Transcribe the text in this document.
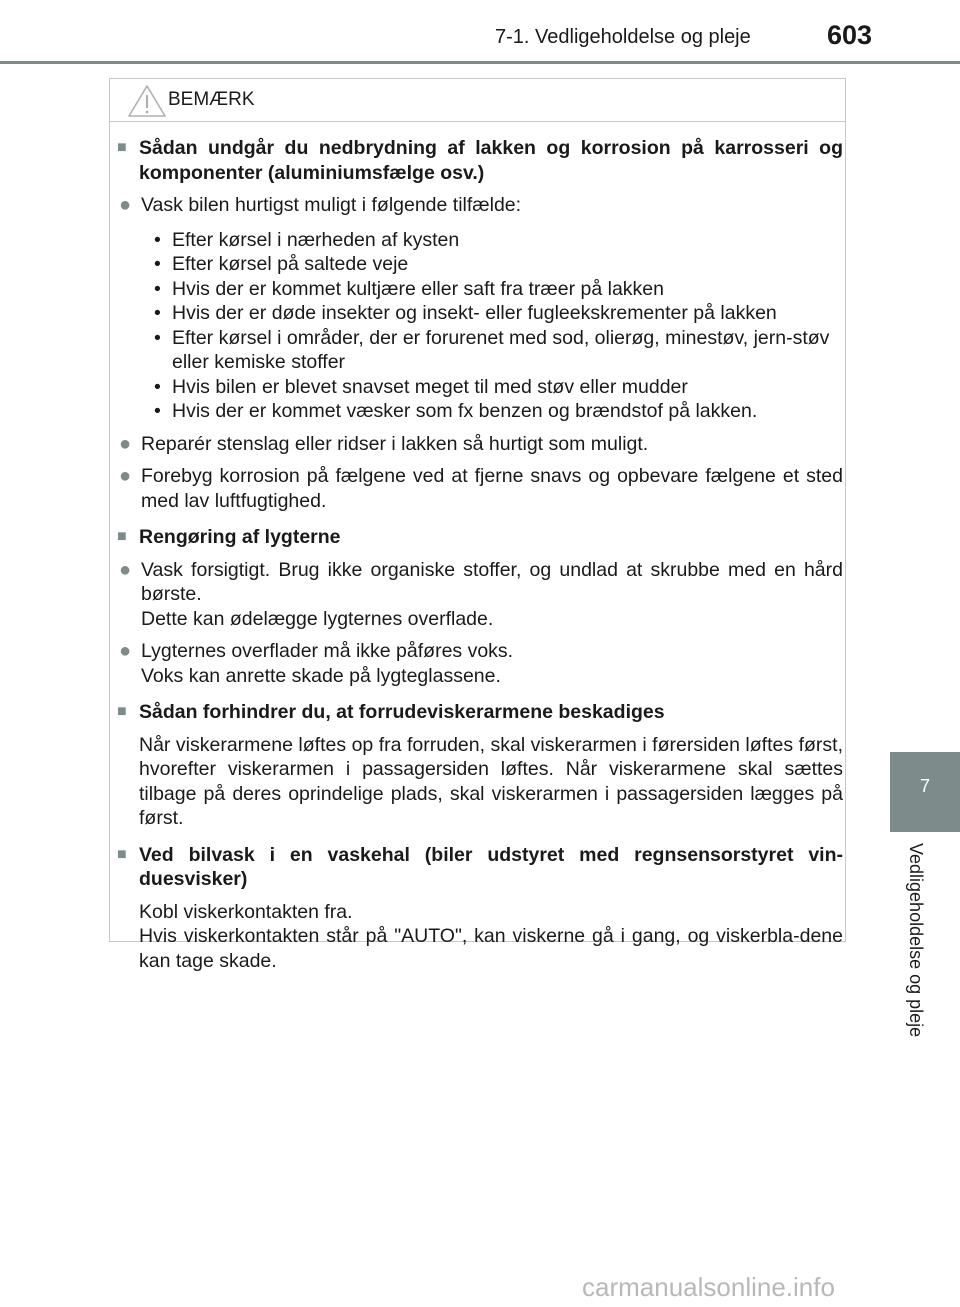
7-1. Vedligeholdelse og pleje	603
7
Vedligeholdelse og pleje
BEMÆRK
■ Sådan undgår du nedbrydning af lakken og korrosion på karrosseri og komponenter (aluminiumsfælge osv.)
● Vask bilen hurtigst muligt i følgende tilfælde:
• Efter kørsel i nærheden af kysten
• Efter kørsel på saltede veje
• Hvis der er kommet kultjære eller saft fra træer på lakken
• Hvis der er døde insekter og insekt- eller fugleekskrementer på lakken
• Efter kørsel i områder, der er forurenet med sod, olierøg, minestøv, jern-støv eller kemiske stoffer
• Hvis bilen er blevet snavset meget til med støv eller mudder
• Hvis der er kommet væsker som fx benzen og brændstof på lakken.
● Reparér stenslag eller ridser i lakken så hurtigt som muligt.
● Forebyg korrosion på fælgene ved at fjerne snavs og opbevare fælgene et sted med lav luftfugtighed.
■ Rengøring af lygterne
● Vask forsigtigt. Brug ikke organiske stoffer, og undlad at skrubbe med en hård børste.
Dette kan ødelægge lygternes overflade.
● Lygternes overflader må ikke påføres voks.
Voks kan anrette skade på lygteglassene.
■ Sådan forhindrer du, at forrudeviskerarmene beskadiges
Når viskerarmene løftes op fra forruden, skal viskerarmen i førersiden løftes først, hvorefter viskerarmen i passagersiden løftes. Når viskerarmene skal sættes tilbage på deres oprindelige plads, skal viskerarmen i passagersiden lægges på først.
■ Ved bilvask i en vaskehal (biler udstyret med regnsensorstyret vin-duesvisker)
Kobl viskerkontakten fra.
Hvis viskerkontakten står på "AUTO", kan viskerne gå i gang, og viskerbla-dene kan tage skade.
carmanualsonline.info
